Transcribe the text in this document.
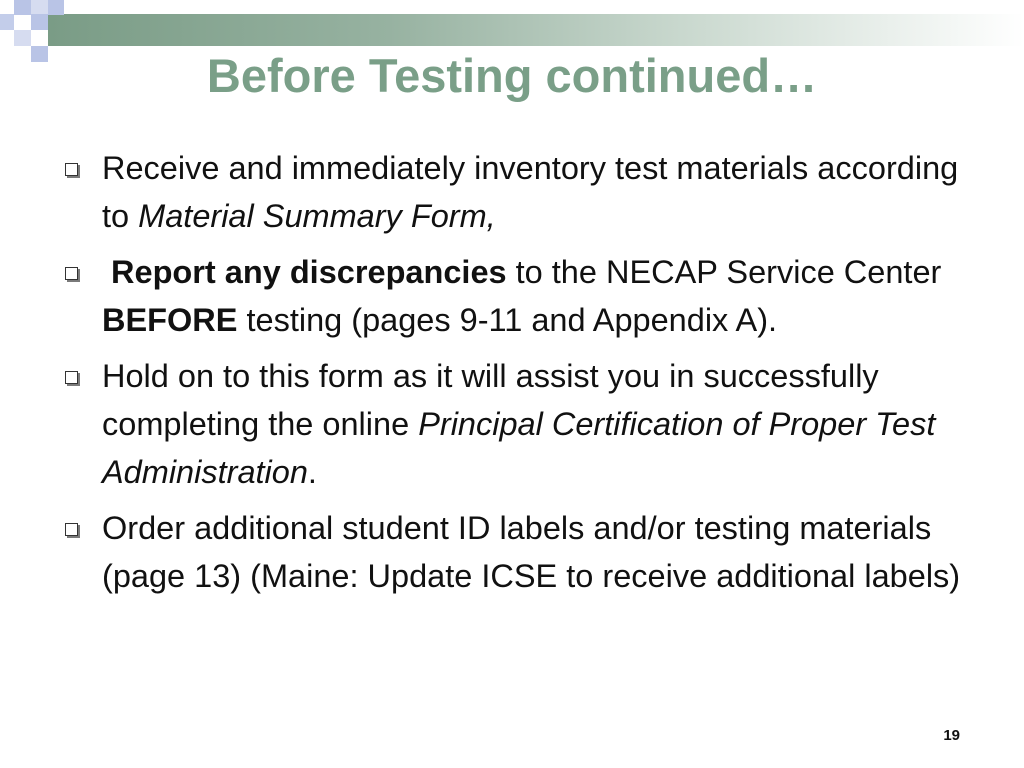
Before Testing continued…
Receive and immediately inventory test materials according to Material Summary Form,
Report any discrepancies to the NECAP Service Center BEFORE testing (pages 9-11 and Appendix A).
Hold on to this form as it will assist you in successfully completing the online Principal Certification of Proper Test Administration.
Order additional student ID labels and/or testing materials (page 13) (Maine: Update ICSE to receive additional labels)
19
